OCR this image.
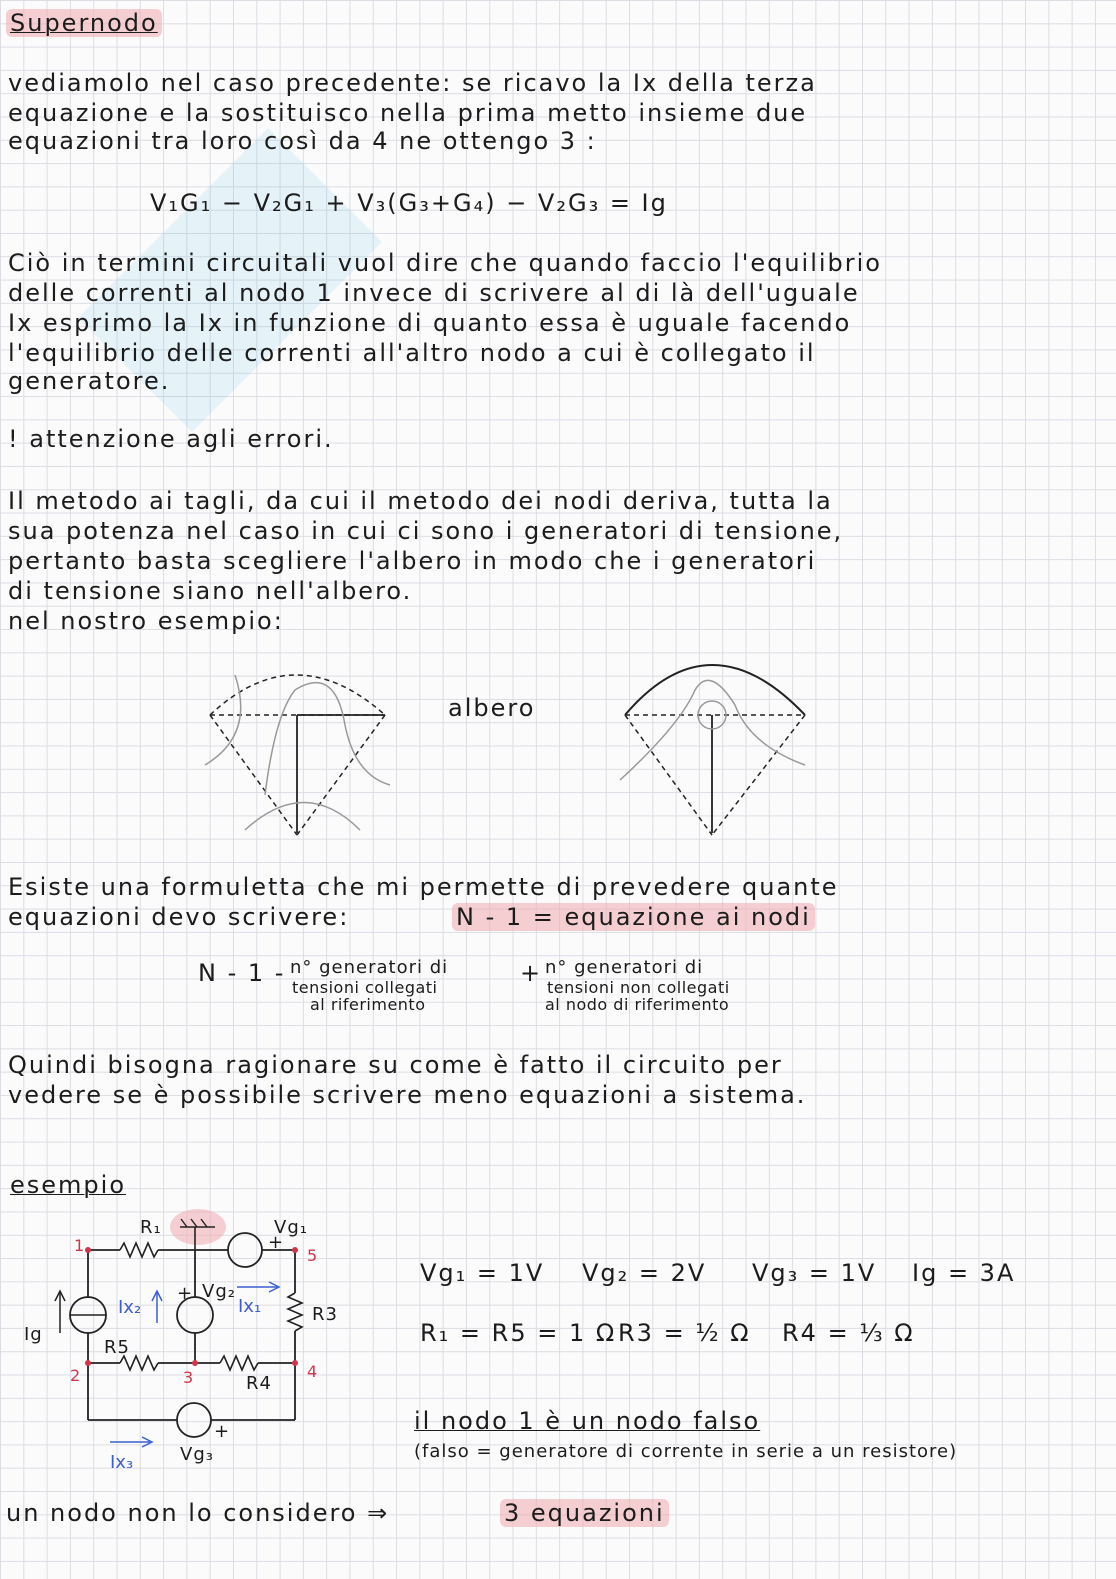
Supernodo
vediamolo nel caso precedente: se ricavo la Ix della terza
equazione e la sostituisco nella prima metto insieme due
equazioni tra loro così da 4 ne ottengo 3 :
V₁G₁ − V₂G₁ + V₃(G₃+G₄) − V₂G₃ = Ig
Ciò in termini circuitali vuol dire che quando faccio l'equilibrio
delle correnti al nodo 1 invece di scrivere al di là dell'uguale
Ix esprimo la Ix in funzione di quanto essa è uguale facendo
l'equilibrio delle correnti all'altro nodo a cui è collegato il
generatore.
! attenzione agli errori.
Il metodo ai tagli, da cui il metodo dei nodi deriva, tutta la
sua potenza nel caso in cui ci sono i generatori di tensione,
pertanto basta scegliere l'albero in modo che i generatori
di tensione siano nell'albero.
nel nostro esempio:
albero
Esiste una formuletta che mi permette di prevedere quante
equazioni devo scrivere:	N - 1 = equazione ai nodi
N - 1 - n° generatori di
tensioni collegati
al riferimento
+ n° generatori di
tensioni non collegati
al nodo di riferimento
Quindi bisogna ragionare su come è fatto il circuito per
vedere se è possibile scrivere meno equazioni a sistema.
esempio
1
2	3	4
5
R₁	Vg₁
+
Ig
Ix₂
Vg₂
+
Ix₁	R3
R5
R4
+
Ix₃	Vg₃
Vg₁ = 1V Vg₂ = 2V Vg₃ = 1V Ig = 3A
R₁ = R5 = 1 Ω R3 = ½ Ω R4 = ⅓ Ω
il nodo 1 è un nodo falso
(falso = generatore di corrente in serie a un resistore)
un nodo non lo considero ⇒	3 equazioni
